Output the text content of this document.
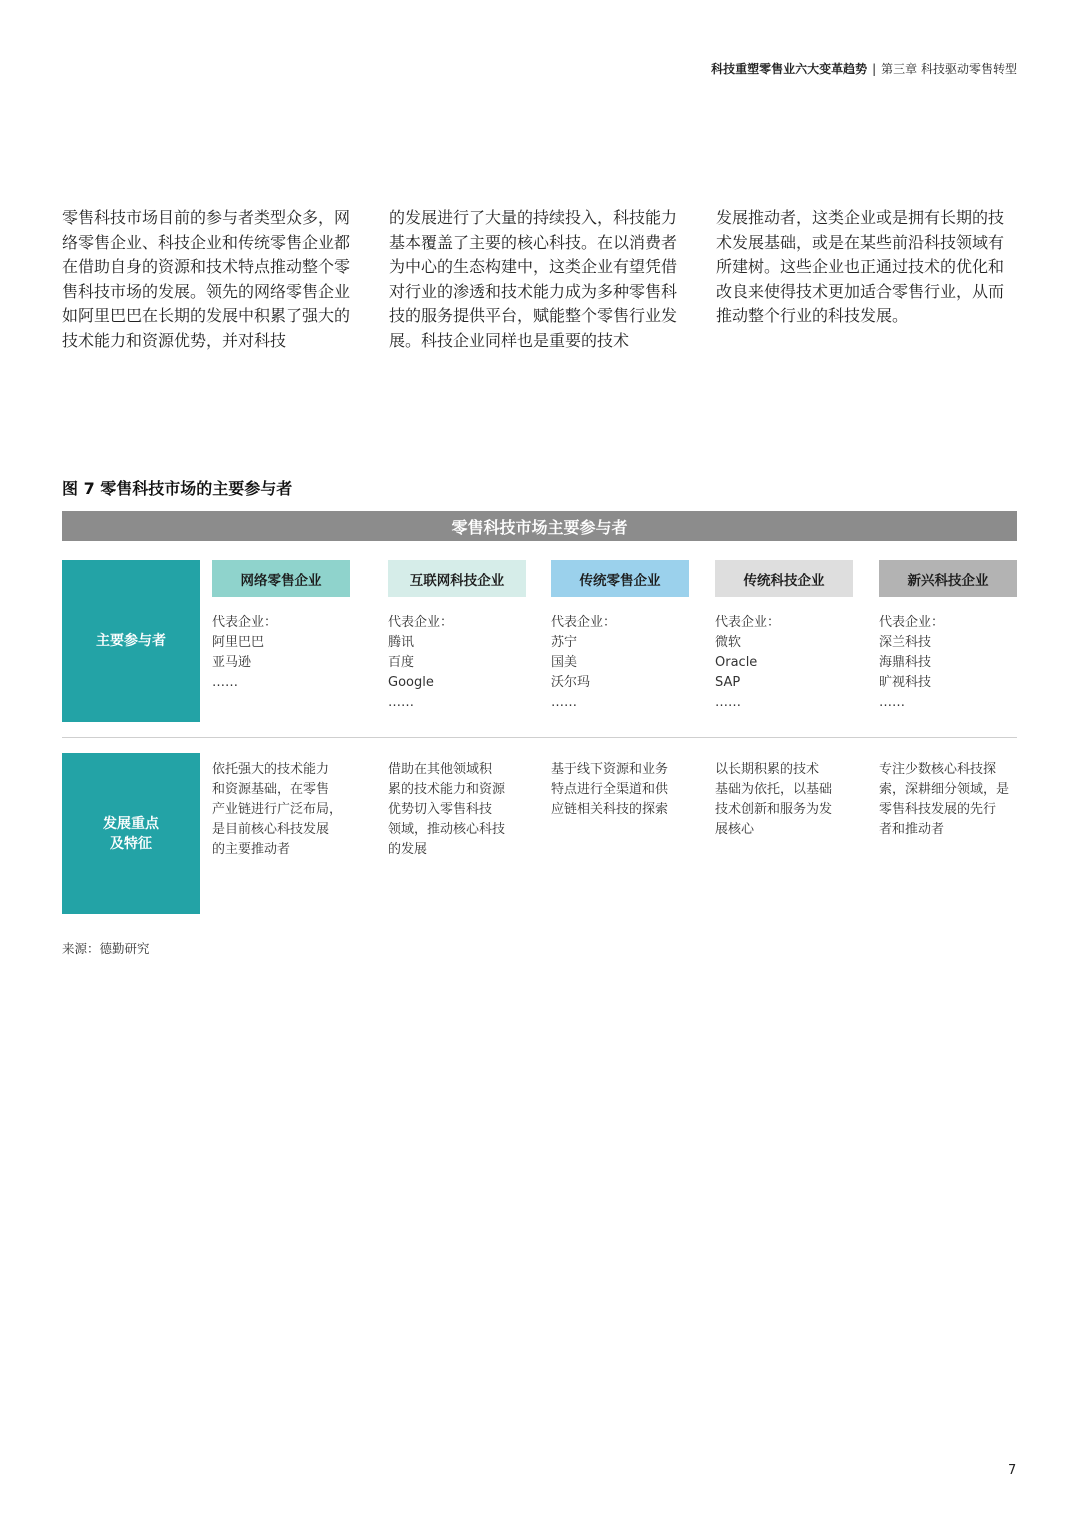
科技重塑零售业六大变革趋势 | 第三章 科技驱动零售转型
零售科技市场目前的参与者类型众多，网络零售企业、科技企业和传统零售企业都在借助自身的资源和技术特点推动整个零售科技市场的发展。领先的网络零售企业如阿里巴巴在长期的发展中积累了强大的技术能力和资源优势，并对科技
的发展进行了大量的持续投入，科技能力基本覆盖了主要的核心科技。在以消费者为中心的生态构建中，这类企业有望凭借对行业的渗透和技术能力成为多种零售科技的服务提供平台，赋能整个零售行业发展。科技企业同样也是重要的技术
发展推动者，这类企业或是拥有长期的技术发展基础，或是在某些前沿科技领域有所建树。这些企业也正通过技术的优化和改良来使得技术更加适合零售行业，从而推动整个行业的科技发展。
图 7 零售科技市场的主要参与者
零售科技市场主要参与者
主要参与者
发展重点
及特征
网络零售企业
代表企业：
阿里巴巴
亚马逊
……
依托强大的技术能力
和资源基础，在零售
产业链进行广泛布局，
是目前核心科技发展
的主要推动者
互联网科技企业
代表企业：
腾讯
百度
Google
……
借助在其他领域积
累的技术能力和资源
优势切入零售科技
领域，推动核心科技
的发展
传统零售企业
代表企业：
苏宁
国美
沃尔玛
……
基于线下资源和业务
特点进行全渠道和供
应链相关科技的探索
传统科技企业
代表企业：
微软
Oracle
SAP
……
以长期积累的技术
基础为依托，以基础
技术创新和服务为发
展核心
新兴科技企业
代表企业：
深兰科技
海鼎科技
旷视科技
……
专注少数核心科技探
索，深耕细分领域，是
零售科技发展的先行
者和推动者
来源：德勤研究
7
